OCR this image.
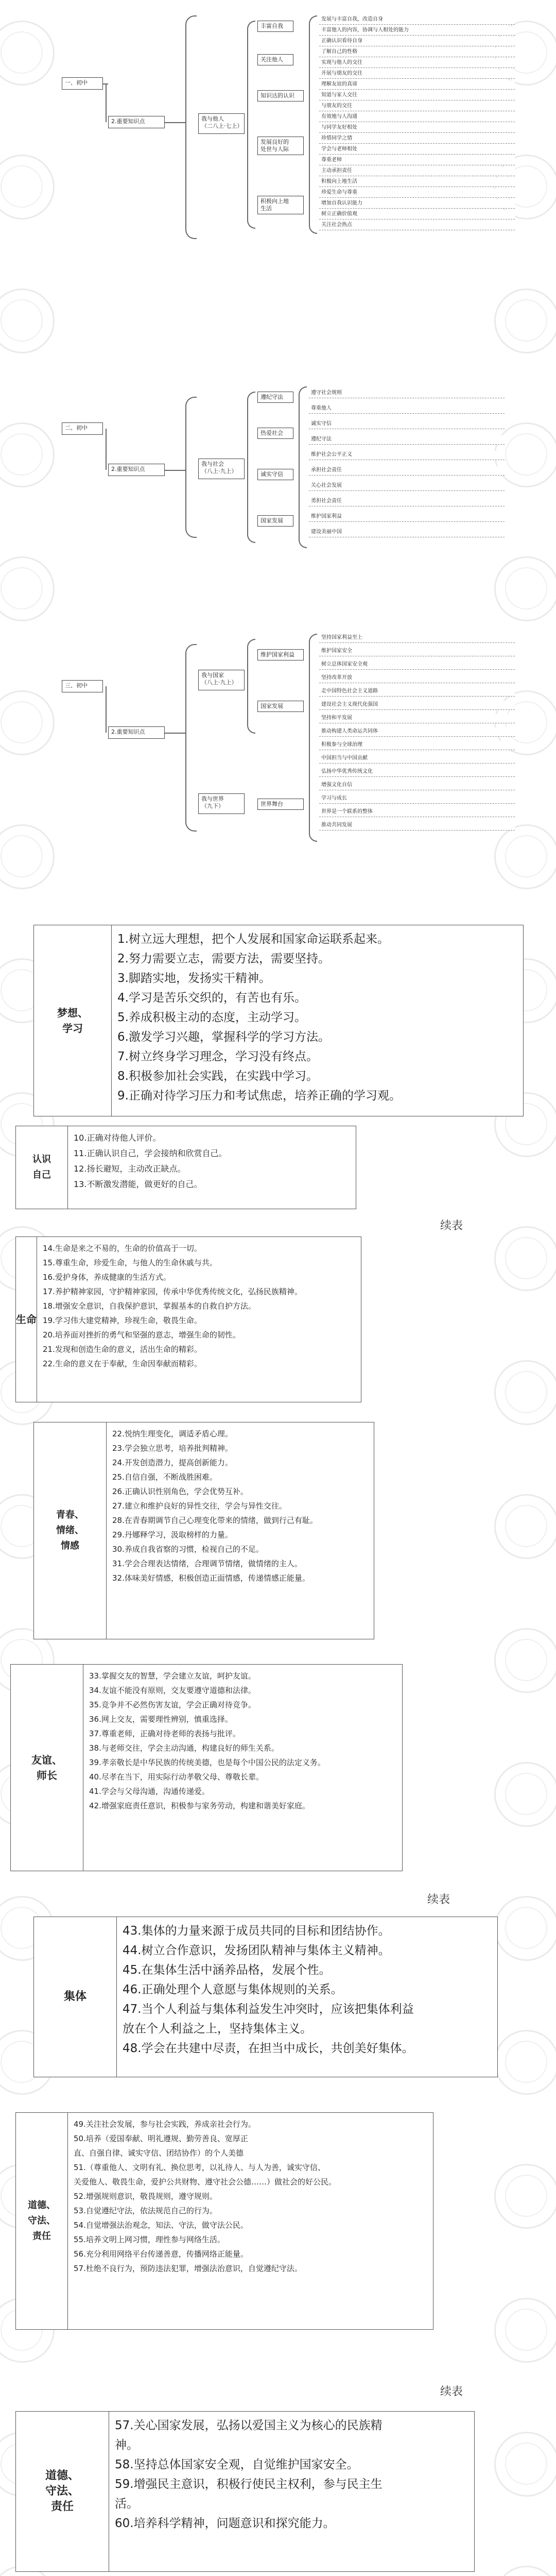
一、初中
2.重要知识点	我与他人
（二八上·七上）
丰富自我
关注他人
知识达的认识
发展良好的
处世与人际
积极向上地
生活
发展与丰富自我，改造自身
丰富他人的内容，协调与人相处的能力
正确认识看待自身
了解自己的性格
实现与他人的交往
开展与朋友的交往
理解友谊的真谛
知道与家人交往
与朋友的交往
有效地与人沟通
与同学友好相处
珍惜同学之情
学会与老师相处
尊重老师
主动承担责任
积极向上地生活
珍爱生命与尊重
增加自我认识能力
树立正确价值观
关注社会热点
二、初中
2.重要知识点
我与社会
（八上·九上）
遵纪守法
热爱社会
诚实守信
国家发展
遵守社会规则
尊重他人
诚实守信
遵纪守法
维护社会公平正义
承担社会责任
关心社会发展
勇担社会责任
维护国家利益
建设美丽中国
三、初中
2.重要知识点
我与国家
（八上·九上）
我与世界
（九下）
维护国家利益
国家发展
世界舞台
坚持国家利益至上
维护国家安全
树立总体国家安全观
坚持改革开放
走中国特色社会主义道路
建设社会主义现代化强国
坚持和平发展
推动构建人类命运共同体
积极参与全球治理
中国担当与中国贡献
弘扬中华优秀传统文化
增强文化自信
学习与成长
世界是一个联系的整体
推动共同发展
梦想、
学习
1.树立远大理想，把个人发展和国家命运联系起来。
2.努力需要立志，需要方法，需要坚持。
3.脚踏实地，发扬实干精神。
4.学习是苦乐交织的，有苦也有乐。
5.养成积极主动的态度，主动学习。
6.激发学习兴趣，掌握科学的学习方法。
7.树立终身学习理念，学习没有终点。
8.积极参加社会实践，在实践中学习。
9.正确对待学习压力和考试焦虑，培养正确的学习观。
认识
自己
10.正确对待他人评价。
11.正确认识自己，学会接纳和欣赏自己。
12.扬长避短，主动改正缺点。
13.不断激发潜能，做更好的自己。
续表
生命
14.生命是来之不易的，生命的价值高于一切。
15.尊重生命，珍爱生命，与他人的生命休戚与共。
16.爱护身体，养成健康的生活方式。
17.养护精神家园，守护精神家园，传承中华优秀传统文化，弘扬民族精神。
18.增强安全意识，自我保护意识，掌握基本的自救自护方法。
19.学习伟大建党精神，珍视生命，敬畏生命。
20.培养面对挫折的勇气和坚强的意志，增强生命的韧性。
21.发现和创造生命的意义，活出生命的精彩。
22.生命的意义在于奉献，生命因奉献而精彩。
青春、
情绪、
情感
22.悦纳生理变化，调适矛盾心理。
23.学会独立思考，培养批判精神。
24.开发创造潜力，提高创新能力。
25.自信自强，不断战胜困难。
26.正确认识性别角色，学会优势互补。
27.建立和维护良好的异性交往，学会与异性交往。
28.在青春期调节自己心理变化带来的情绪，做到行己有耻。
29.丹娜释学习，汲取榜样的力量。
30.养成自我省察的习惯，检视自己的不足。
31.学会合理表达情绪，合理调节情绪，做情绪的主人。
32.体味美好情感，积极创造正面情感，传递情感正能量。
友谊、
师长
33.掌握交友的智慧，学会建立友谊，呵护友谊。
34.友谊不能没有原则，交友要遵守道德和法律。
35.竞争并不必然伤害友谊，学会正确对待竞争。
36.网上交友，需要理性辨别，慎重选择。
37.尊重老师，正确对待老师的表扬与批评。
38.与老师交往，学会主动沟通，构建良好的师生关系。
39.孝亲敬长是中华民族的传统美德，也是每个中国公民的法定义务。
40.尽孝在当下，用实际行动孝敬父母、尊敬长辈。
41.学会与父母沟通，沟通传递爱。
42.增强家庭责任意识，积极参与家务劳动，构建和谐美好家庭。
续表
集体
43.集体的力量来源于成员共同的目标和团结协作。
44.树立合作意识，发扬团队精神与集体主义精神。
45.在集体生活中涵养品格，发展个性。
46.正确处理个人意愿与集体规则的关系。
47.当个人利益与集体利益发生冲突时，应该把集体利益
放在个人利益之上，坚持集体主义。
48.学会在共建中尽责，在担当中成长，共创美好集体。
道德、
守法、
责任
49.关注社会发展，参与社会实践，养成亲社会行为。
50.培养（爱国奉献、明礼遵规、勤劳善良、宽厚正
直、自强自律、诚实守信、团结协作）的个人美德
51.（尊重他人、文明有礼、换位思考，以礼待人、与人为善，诚实守信、
关爱他人、敬畏生命，爱护公共财物、遵守社会公德……）做社会的好公民。
52.增强规则意识，敬畏规则，遵守规则。
53.自觉遵纪守法，依法规范自己的行为。
54.自觉增强法治观念，知法、守法，做守法公民。
55.培养文明上网习惯，理性参与网络生活。
56.充分利用网络平台传递善意，传播网络正能量。
57.杜绝不良行为，预防违法犯罪，增强法治意识，自觉遵纪守法。
续表
道德、
守法、
责任
57.关心国家发展，弘扬以爱国主义为核心的民族精
神。
58.坚持总体国家安全观，自觉维护国家安全。
59.增强民主意识，积极行使民主权利，参与民主生
活。
60.培养科学精神，问题意识和探究能力。
